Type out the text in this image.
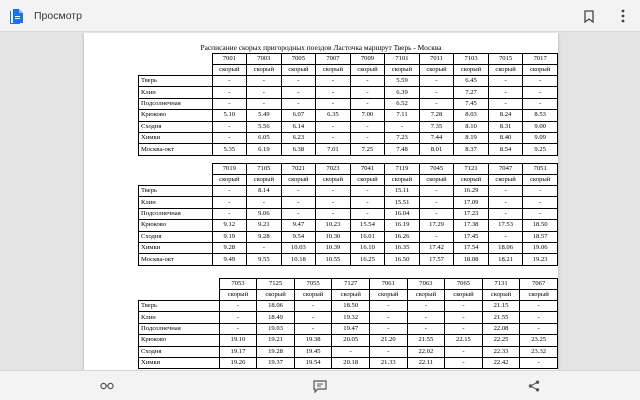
Просмотр
Расписание скорых пригородных поездов Ласточка маршрут Тверь - Москва
	7001	7003	7005	7007	7009	7101	7011	7103	7015	7017
	скорый	скорый	скорый	скорый	скорый	скорый	скорый	скорый	скорый	скорый
Тверь	-	-	-	-	-	5.59	-	6.45	-	-
Клин	-	-	-	-	-	6.39	-	7.27	-	-
Подсолнечная	-	-	-	-	-	6.52	-	7.45	-	-
Крюково	5.10	5.49	6.07	6.35	7.00	7.11	7.28	8.03	8.24	8.53
Сходня	-	5.56	6.14	-	-	-	7.35	8.10	8.31	9.00
Химки	-	6.05	6.23	-	-	7.23	7.44	8.19	8.40	9.09
Москва-окт	5.35	6.19	6.38	7.01	7.25	7.48	8.01	8.37	8.54	9.25
	7019	7105	7021	7023	7041	7119	7045	7121	7047	7051
	скорый	скорый	скорый	скорый	скорый	скорый	скорый	скорый	скорый	скорый
Тверь	-	8.14	-	-	-	15.11	-	16.29	-	-
Клин	-	-	-	-	-	15.51	-	17.09	-	-
Подсолнечная	-	9.06	-	-	-	16.04	-	17.23	-	-
Крюково	9.12	9.21	9.47	10.23	15.54	16.19	17.29	17.38	17.53	18.50
Сходня	9.19	9.28	9.54	10.30	16.01	16.26	-	17.45	-	18.57
Химки	9.28	-	10.03	10.39	16.10	16.35	17.42	17.54	18.06	19.06
Москва-окт	9.49	9.55	10.18	10.55	16.25	16.50	17.57	18.08	18.21	19.23
	7053	7125	7055	7127	7061	7063	7065	7131	7067
	скорый	скорый	скорый	скорый	скорый	скорый	скорый	скорый	скорый
Тверь	-	18.06	-	18.50	-	-	-	21.15	-
Клин	-	18.49	-	19.32	-	-	-	21.55	-
Подсолнечная	-	19.03	-	19.47	-	-	-	22.08	-
Крюково	19.10	19.21	19.38	20.05	21.20	21.55	22.15	22.25	23.25
Сходня	19.17	19.28	19.45	-	-	22.02	-	22.33	23.32
Химки	19.26	19.37	19.54	20.18	21.33	22.11	-	22.42	-
